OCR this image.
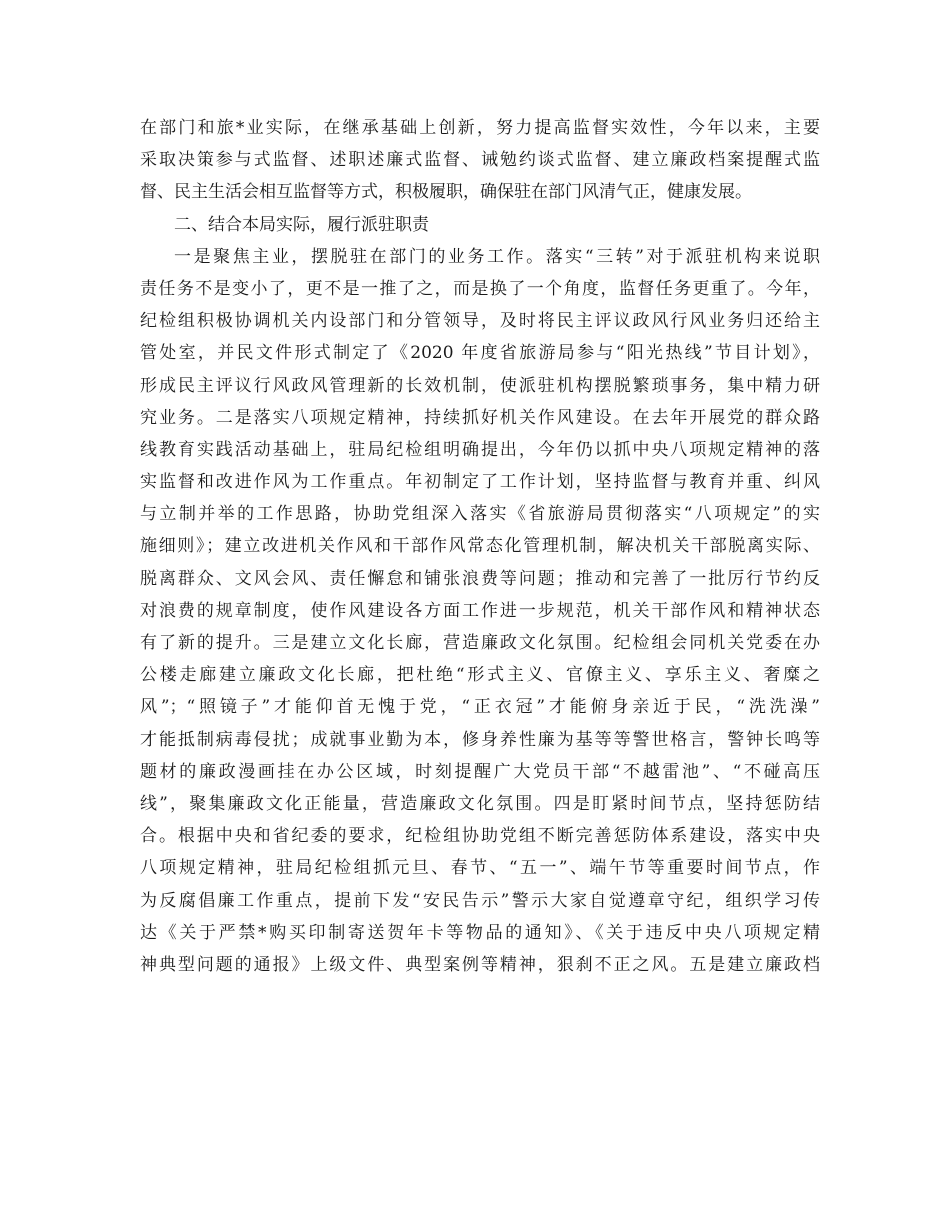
在部门和旅*业实际，在继承基础上创新，努力提高监督实效性，今年以来，主要
采取决策参与式监督、述职述廉式监督、诫勉约谈式监督、建立廉政档案提醒式监
督、民主生活会相互监督等方式，积极履职，确保驻在部门风清气正，健康发展。
二、结合本局实际，履行派驻职责
一是聚焦主业，摆脱驻在部门的业务工作。落实“三转”对于派驻机构来说职
责任务不是变小了，更不是一推了之，而是换了一个角度，监督任务更重了。今年，
纪检组积极协调机关内设部门和分管领导，及时将民主评议政风行风业务归还给主
管处室，并民文件形式制定了《2020 年度省旅游局参与“阳光热线”节目计划》，
形成民主评议行风政风管理新的长效机制，使派驻机构摆脱繁琐事务，集中精力研
究业务。二是落实八项规定精神，持续抓好机关作风建设。在去年开展党的群众路
线教育实践活动基础上，驻局纪检组明确提出，今年仍以抓中央八项规定精神的落
实监督和改进作风为工作重点。年初制定了工作计划，坚持监督与教育并重、纠风
与立制并举的工作思路，协助党组深入落实《省旅游局贯彻落实“八项规定”的实
施细则》；建立改进机关作风和干部作风常态化管理机制，解决机关干部脱离实际、
脱离群众、文风会风、责任懈怠和铺张浪费等问题；推动和完善了一批厉行节约反
对浪费的规章制度，使作风建设各方面工作进一步规范，机关干部作风和精神状态
有了新的提升。三是建立文化长廊，营造廉政文化氛围。纪检组会同机关党委在办
公楼走廊建立廉政文化长廊，把杜绝“形式主义、官僚主义、享乐主义、奢糜之
风”；“照镜子”才能仰首无愧于党，“正衣冠”才能俯身亲近于民，“洗洗澡”
才能抵制病毒侵扰；成就事业勤为本，修身养性廉为基等等警世格言，警钟长鸣等
题材的廉政漫画挂在办公区域，时刻提醒广大党员干部“不越雷池”、“不碰高压
线”，聚集廉政文化正能量，营造廉政文化氛围。四是盯紧时间节点，坚持惩防结
合。根据中央和省纪委的要求，纪检组协助党组不断完善惩防体系建设，落实中央
八项规定精神，驻局纪检组抓元旦、春节、“五一”、端午节等重要时间节点，作
为反腐倡廉工作重点，提前下发“安民告示”警示大家自觉遵章守纪，组织学习传
达《关于严禁*购买印制寄送贺年卡等物品的通知》、《关于违反中央八项规定精
神典型问题的通报》上级文件、典型案例等精神，狠刹不正之风。五是建立廉政档
